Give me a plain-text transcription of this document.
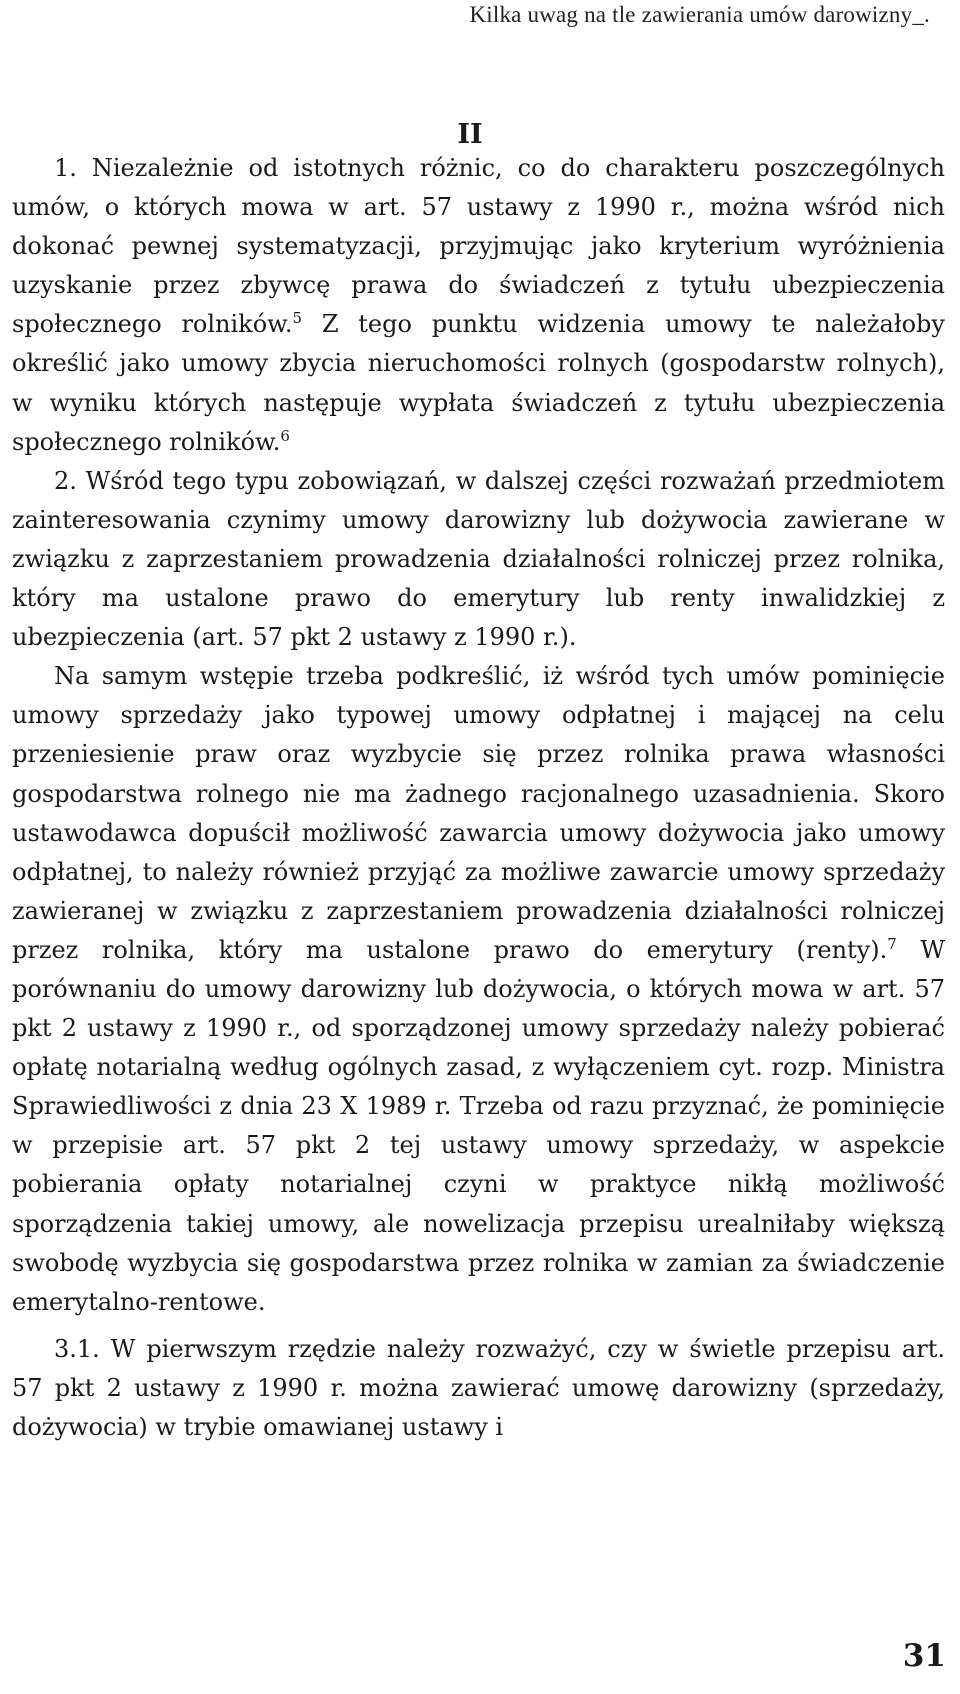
Kilka uwag na tle zawierania umów darowizny_.
II

1. Niezależnie od istotnych różnic, co do charakteru poszczególnych umów, o których mowa w art. 57 ustawy z 1990 r., można wśród nich dokonać pewnej systematyzacji, przyjmując jako kryterium wyróżnienia uzyskanie przez zbywcę prawa do świadczeń z tytułu ubezpieczenia społecznego rolników.$^5$ Z tego punktu widzenia umowy te należałoby określić jako umowy zbycia nieruchomości rolnych (gospodarstw rolnych), w wyniku których następuje wypłata świadczeń z tytułu ubezpieczenia społecznego rolników.$^6$

2. Wśród tego typu zobowiązań, w dalszej części rozważań przedmiotem zainteresowania czynimy umowy darowizny lub dożywocia zawierane w związku z zaprzestaniem prowadzenia działalności rolniczej przez rolnika, który ma ustalone prawo do emerytury lub renty inwalidzkiej z ubezpieczenia (art. 57 pkt 2 ustawy z 1990 r.).

Na samym wstępie trzeba podkreślić, iż wśród tych umów pominięcie umowy sprzedaży jako typowej umowy odpłatnej i mającej na celu przeniesienie praw oraz wyzbycie się przez rolnika prawa własności gospodarstwa rolnego nie ma żadnego racjonalnego uzasadnienia. Skoro ustawodawca dopuścił możliwość zawarcia umowy dożywocia jako umowy odpłatnej, to należy również przyjąć za możliwe zawarcie umowy sprzedaży zawieranej w związku z zaprzestaniem prowadzenia działalności rolniczej przez rolnika, który ma ustalone prawo do emerytury (renty).$^7$ W porównaniu do umowy darowizny lub dożywocia, o których mowa w art. 57 pkt 2 ustawy z 1990 r., od sporządzonej umowy sprzedaży należy pobierać opłatę notarialną według ogólnych zasad, z wyłączeniem cyt. rozp. Ministra Sprawiedliwości z dnia 23 X 1989 r. Trzeba od razu przyznać, że pominięcie w przepisie art. 57 pkt 2 tej ustawy umowy sprzedaży, w aspekcie pobierania opłaty notarialnej czyni w praktyce nikłą możliwość sporządzenia takiej umowy, ale nowelizacja przepisu urealniłaby większą swobodę wyzbycia się gospodarstwa przez rolnika w zamian za świadczenie emerytalno-rentowe.

3.1. W pierwszym rzędzie należy rozważyć, czy w świetle przepisu art. 57 pkt 2 ustawy z 1990 r. można zawierać umowę darowizny (sprzedaży, dożywocia) w trybie omawianej ustawy i

31
